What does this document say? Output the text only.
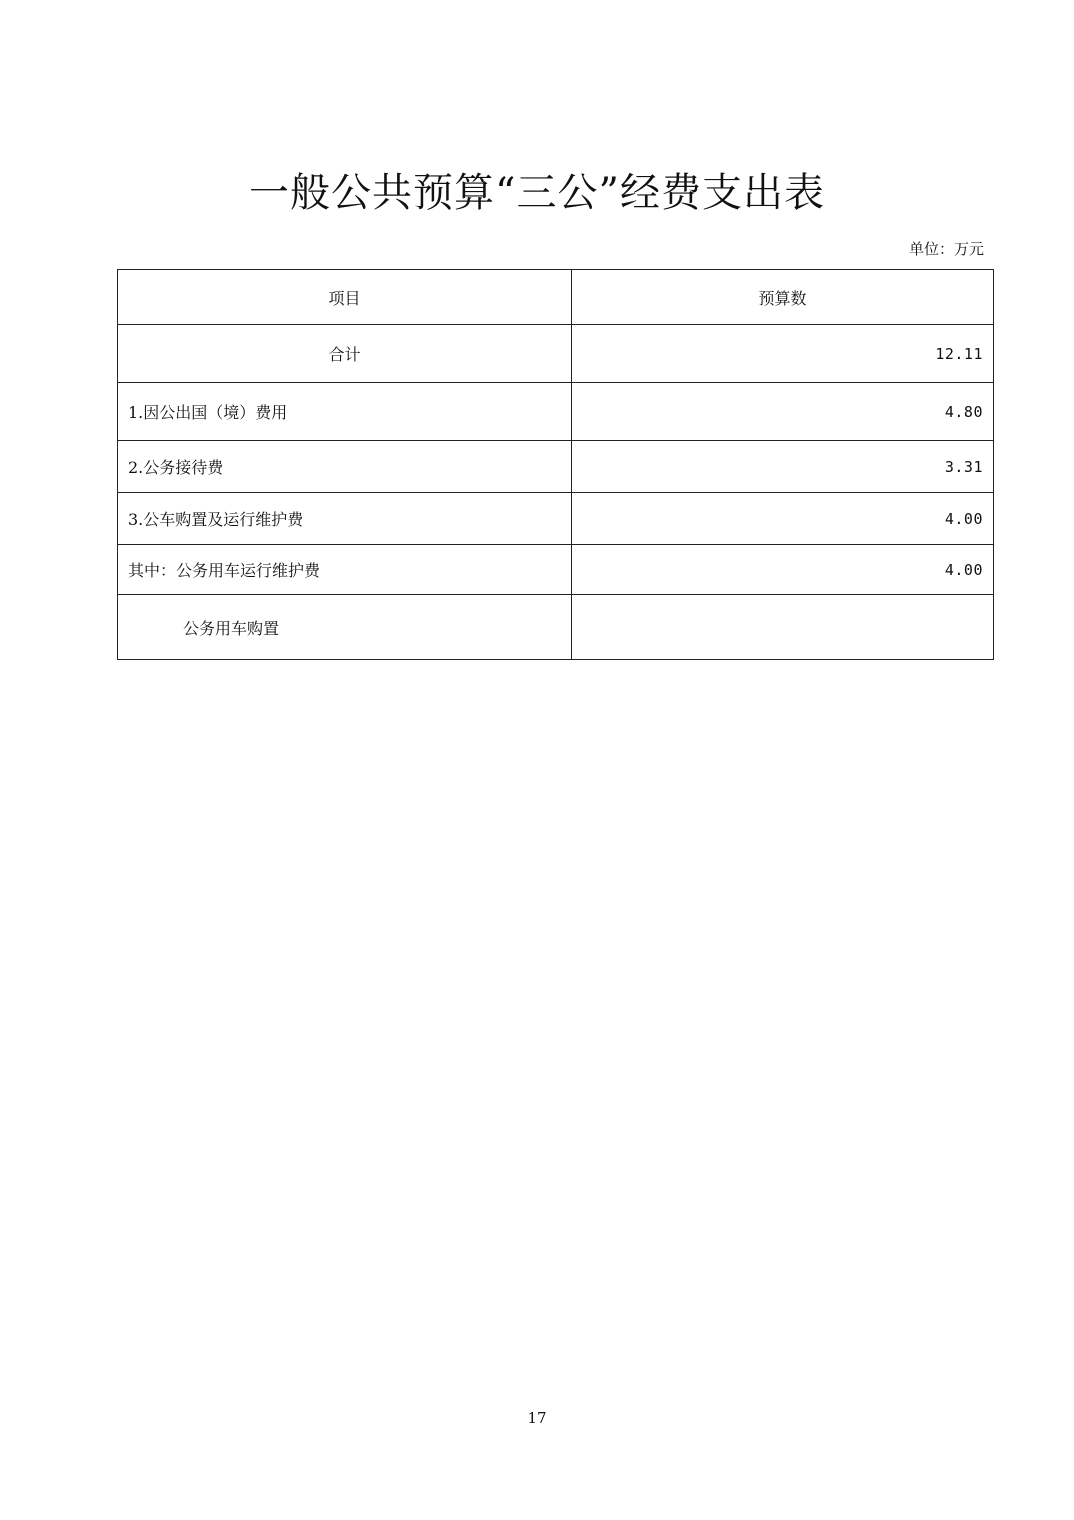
一般公共预算“三公”经费支出表
单位：万元
项目	预算数
合计	12.11
1.因公出国（境）费用	4.80
2.公务接待费	3.31
3.公车购置及运行维护费	4.00
其中：公务用车运行维护费	4.00
公务用车购置	
17
